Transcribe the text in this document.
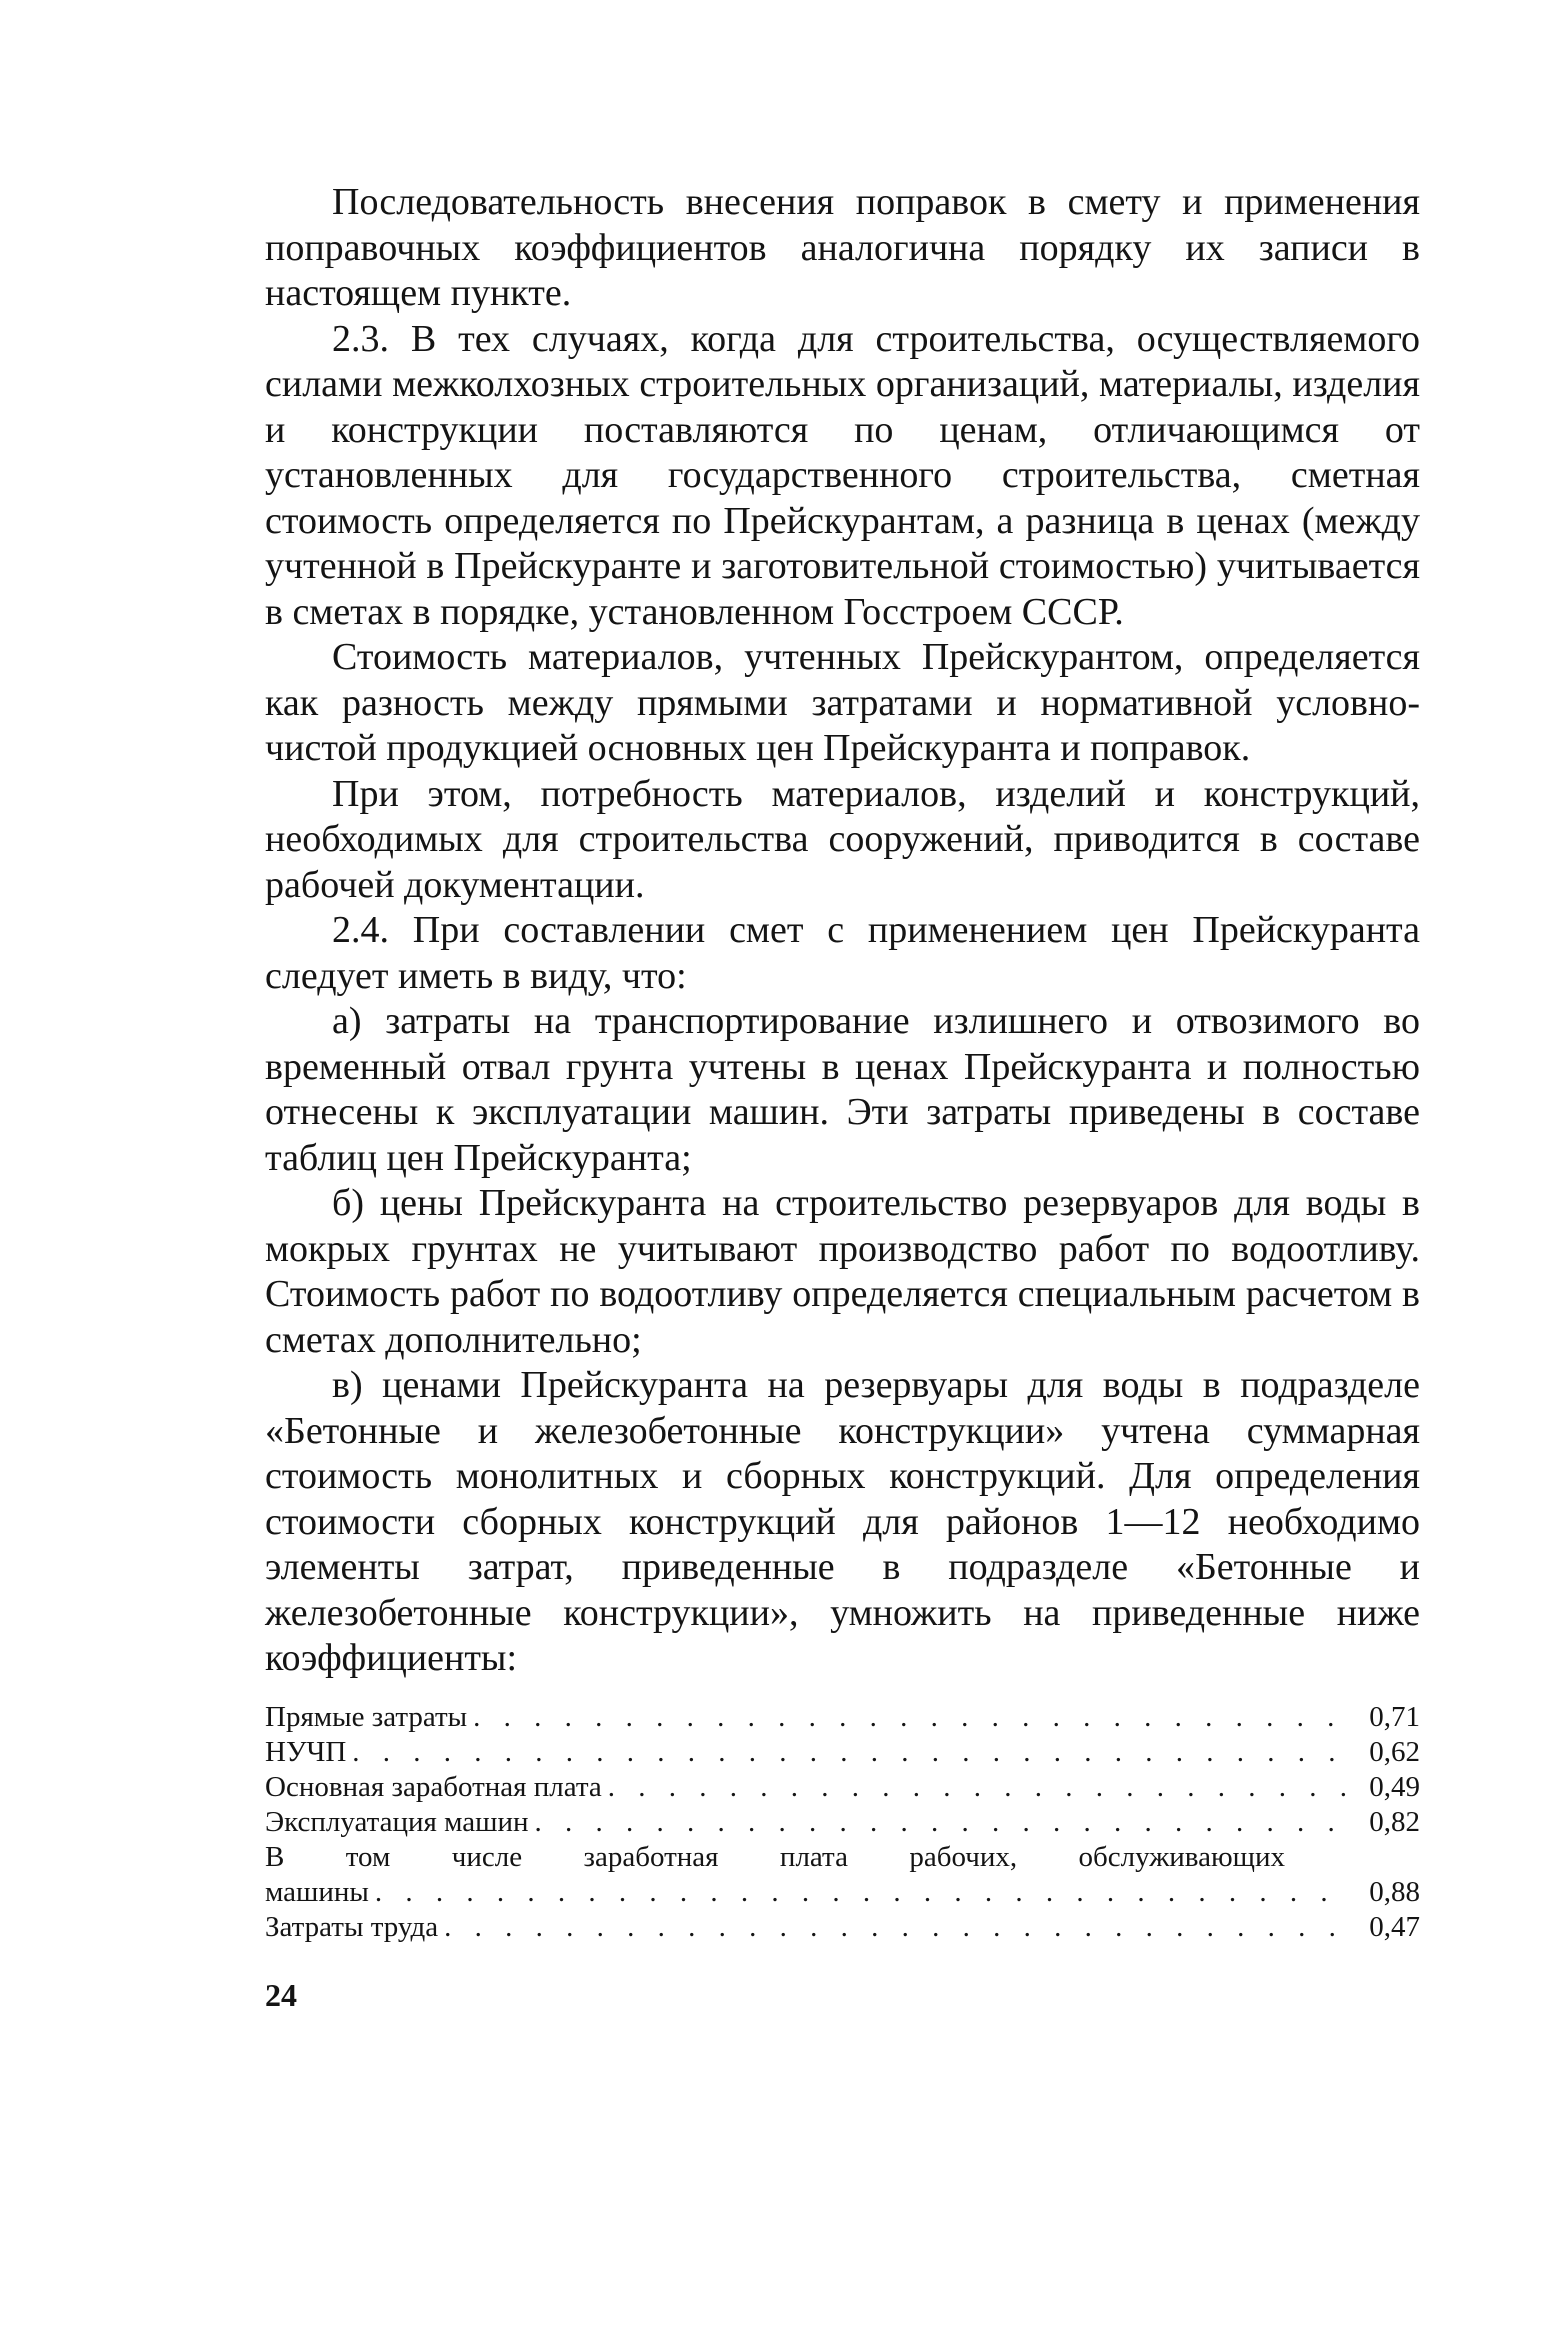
Последовательность внесения поправок в смету и применения поправочных коэффициентов аналогична порядку их записи в настоящем пункте.

2.3. В тех случаях, когда для строительства, осуществляемого силами межколхозных строительных организаций, материалы, изделия и конструкции поставляются по ценам, отличающимся от установленных для государственного строительства, сметная стоимость определяется по Прейскурантам, а разница в ценах (между учтенной в Прейскуранте и заготовительной стоимостью) учитывается в сметах в порядке, установленном Госстроем СССР.

Стоимость материалов, учтенных Прейскурантом, определяется как разность между прямыми затратами и нормативной условно-чистой продукцией основных цен Прейскуранта и поправок.

При этом, потребность материалов, изделий и конструкций, необходимых для строительства сооружений, приводится в составе рабочей документации.

2.4. При составлении смет с применением цен Прейскуранта следует иметь в виду, что:

а) затраты на транспортирование излишнего и отвозимого во временный отвал грунта учтены в ценах Прейскуранта и полностью отнесены к эксплуатации машин. Эти затраты приведены в составе таблиц цен Прейскуранта;

б) цены Прейскуранта на строительство резервуаров для воды в мокрых грунтах не учитывают производство работ по водоотливу. Стоимость работ по водоотливу определяется специальным расчетом в сметах дополнительно;

в) ценами Прейскуранта на резервуары для воды в подразделе «Бетонные и железобетонные конструкции» учтена суммарная стоимость монолитных и сборных конструкций. Для определения стоимости сборных конструкций для районов 1—12 необходимо элементы затрат, приведенные в подразделе «Бетонные и железобетонные конструкции», умножить на приведенные ниже коэффициенты:

Прямые затраты . . .	0,71
НУЧП . . .	0,62
Основная заработная плата . . .	0,49
Эксплуатация машин . . .	0,82
В том числе заработная плата рабочих, обслуживающих
машины . . .	0,88
Затраты труда . . .	0,47
24
